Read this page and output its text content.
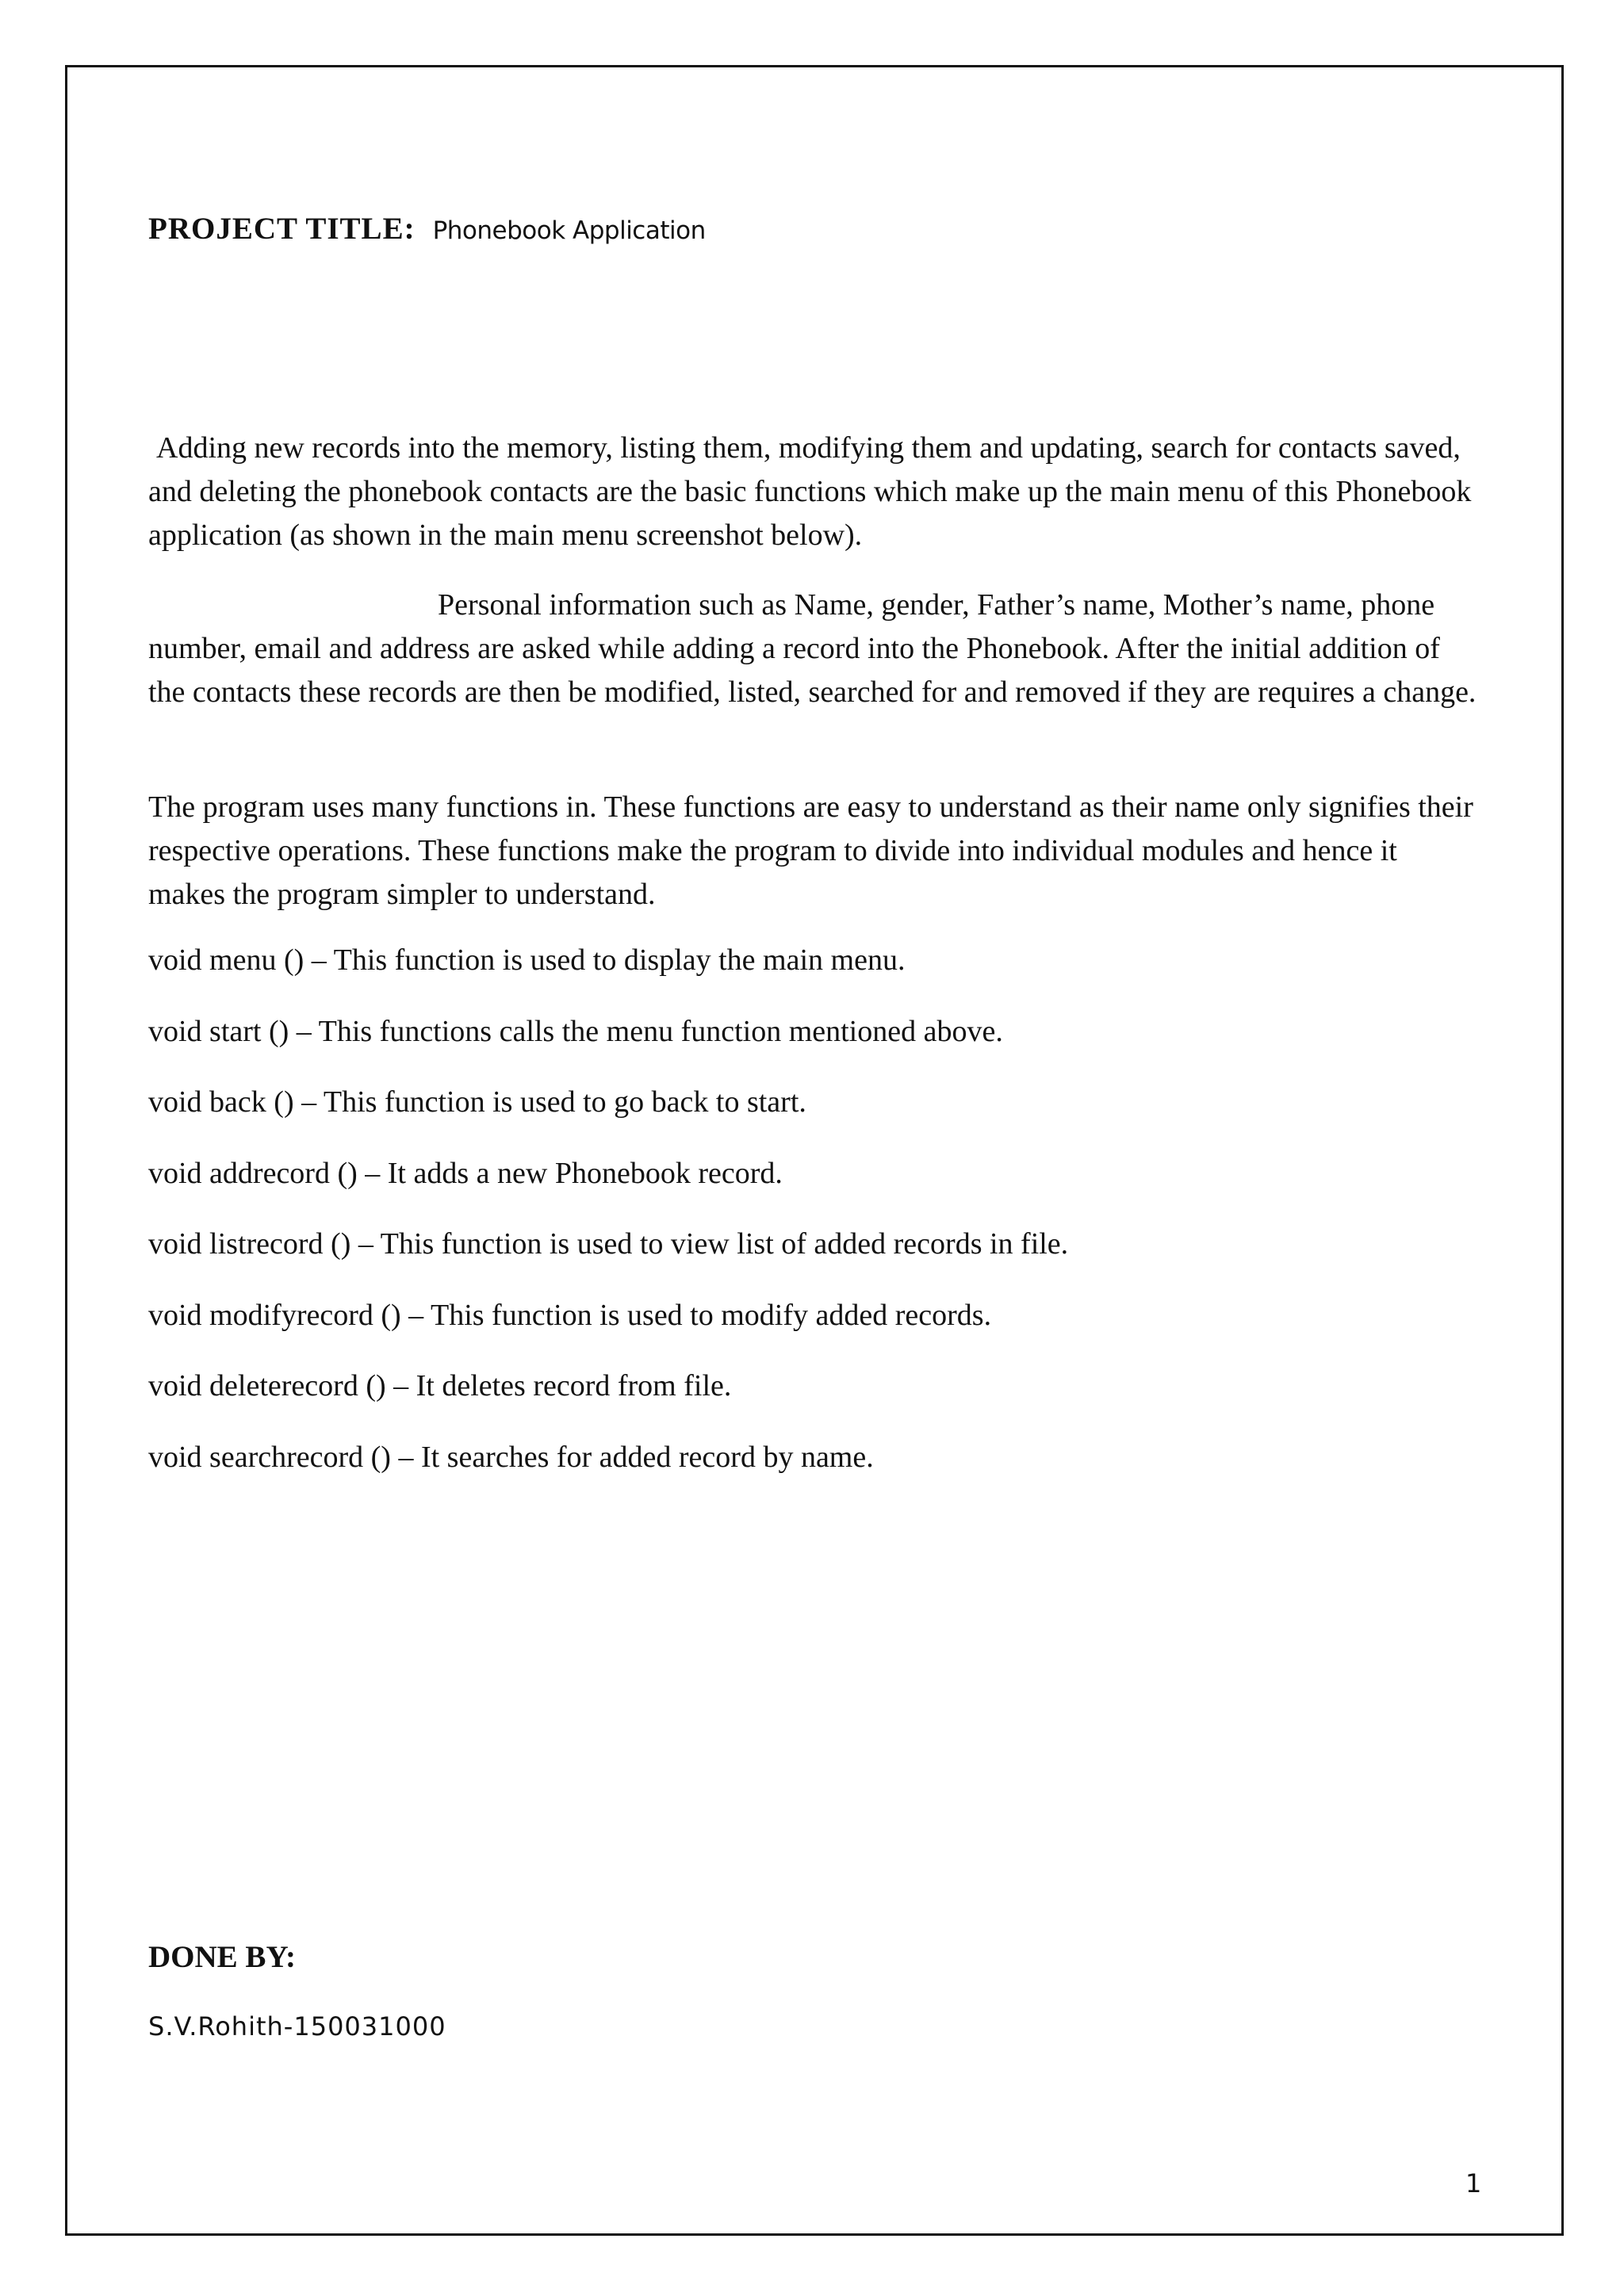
PROJECT TITLE: Phonebook Application

Adding new records into the memory, listing them, modifying them and updating, search for contacts saved, and deleting the phonebook contacts are the basic functions which make up the main menu of this Phonebook application (as shown in the main menu screenshot below).

Personal information such as Name, gender, Father’s name, Mother’s name, phone number, email and address are asked while adding a record into the Phonebook. After the initial addition of the contacts these records are then be modified, listed, searched for and removed if they are requires a change.

The program uses many functions in. These functions are easy to understand as their name only signifies their respective operations. These functions make the program to divide into individual modules and hence it makes the program simpler to understand.

void menu () – This function is used to display the main menu.
void start () – This functions calls the menu function mentioned above.
void back () – This function is used to go back to start.
void addrecord () – It adds a new Phonebook record.
void listrecord () – This function is used to view list of added records in file.
void modifyrecord () – This function is used to modify added records.
void deleterecord () – It deletes record from file.
void searchrecord () – It searches for added record by name.
DONE BY:
S.V.Rohith-150031000
1
